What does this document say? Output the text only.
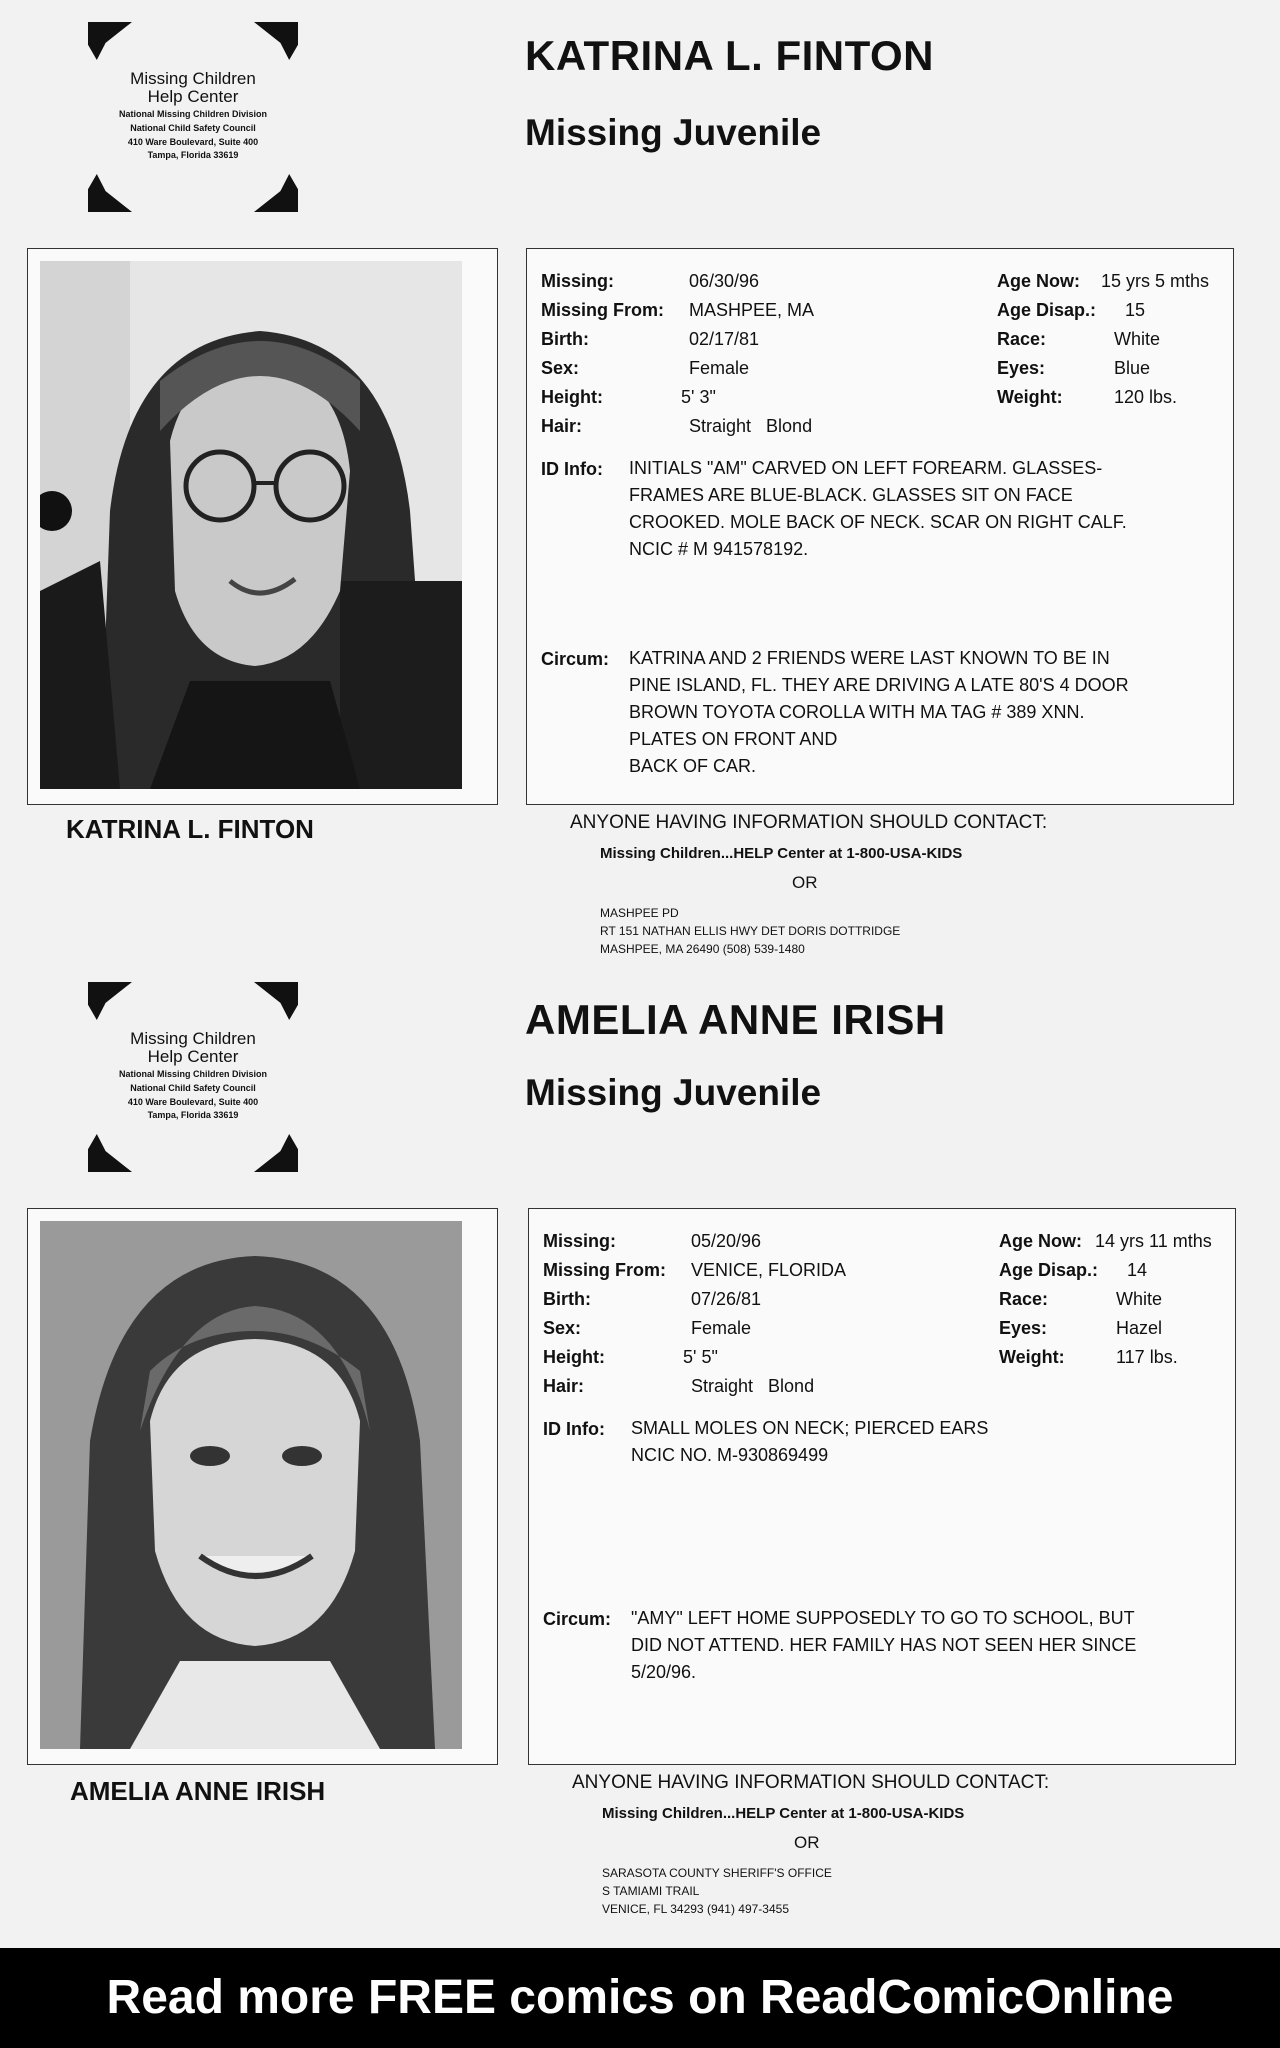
Missing Children
Help Center
National Missing Children Division
National Child Safety Council
410 Ware Boulevard, Suite 400
Tampa, Florida 33619
KATRINA L. FINTON
Missing Juvenile
KATRINA L. FINTON
Missing:	06/30/96
Missing From: MASHPEE, MA
Birth:	02/17/81
Sex:	Female
Height:	5' 3"
Hair:	Straight   Blond
Age Now: 15 yrs 5 mths
Age Disap.: 15
Race:	White
Eyes:	Blue
Weight:	120 lbs.
ID Info: INITIALS "AM" CARVED ON LEFT FOREARM. GLASSES-
FRAMES ARE BLUE-BLACK. GLASSES SIT ON FACE
CROOKED. MOLE BACK OF NECK. SCAR ON RIGHT CALF.
NCIC # M 941578192.
Circum: KATRINA AND 2 FRIENDS WERE LAST KNOWN TO BE IN
PINE ISLAND, FL. THEY ARE DRIVING A LATE 80'S 4 DOOR
BROWN TOYOTA COROLLA WITH MA TAG # 389 XNN.
PLATES ON FRONT AND
BACK OF CAR.
ANYONE HAVING INFORMATION SHOULD CONTACT:
Missing Children...HELP Center at 1-800-USA-KIDS
OR
MASHPEE PD
RT 151 NATHAN ELLIS HWY DET DORIS DOTTRIDGE
MASHPEE, MA 26490 (508) 539-1480
Missing Children
Help Center
National Missing Children Division
National Child Safety Council
410 Ware Boulevard, Suite 400
Tampa, Florida 33619
AMELIA ANNE IRISH
Missing Juvenile
AMELIA ANNE IRISH
Missing:	05/20/96
Missing From: VENICE, FLORIDA
Birth:	07/26/81
Sex:	Female
Height:	5' 5"
Hair:	Straight   Blond
Age Now: 14 yrs 11 mths
Age Disap.: 14
Race:	White
Eyes:	Hazel
Weight:	117 lbs.
ID Info: SMALL MOLES ON NECK; PIERCED EARS
NCIC NO. M-930869499
Circum: "AMY" LEFT HOME SUPPOSEDLY TO GO TO SCHOOL, BUT
DID NOT ATTEND. HER FAMILY HAS NOT SEEN HER SINCE
5/20/96.
ANYONE HAVING INFORMATION SHOULD CONTACT:
Missing Children...HELP Center at 1-800-USA-KIDS
OR
SARASOTA COUNTY SHERIFF'S OFFICE
S TAMIAMI TRAIL
VENICE, FL 34293 (941) 497-3455
Read more FREE comics on ReadComicOnline
